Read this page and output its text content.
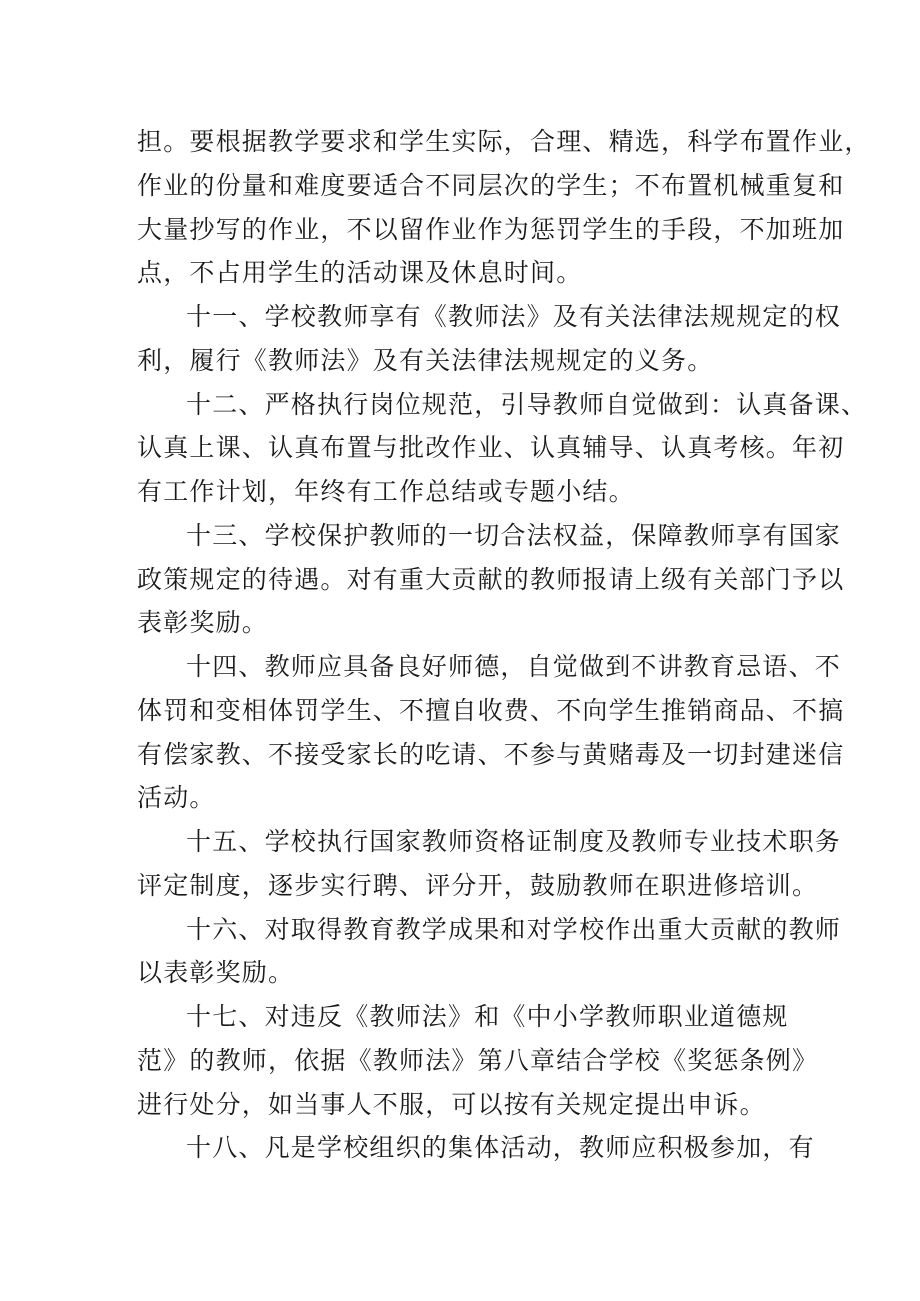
担。要根据教学要求和学生实际，合理、精选，科学布置作业，
作业的份量和难度要适合不同层次的学生；不布置机械重复和
大量抄写的作业，不以留作业作为惩罚学生的手段，不加班加
点，不占用学生的活动课及休息时间。
十一、学校教师享有《教师法》及有关法律法规规定的权
利，履行《教师法》及有关法律法规规定的义务。
十二、严格执行岗位规范，引导教师自觉做到：认真备课、
认真上课、认真布置与批改作业、认真辅导、认真考核。年初
有工作计划，年终有工作总结或专题小结。
十三、学校保护教师的一切合法权益，保障教师享有国家
政策规定的待遇。对有重大贡献的教师报请上级有关部门予以
表彰奖励。
十四、教师应具备良好师德，自觉做到不讲教育忌语、不
体罚和变相体罚学生、不擅自收费、不向学生推销商品、不搞
有偿家教、不接受家长的吃请、不参与黄赌毒及一切封建迷信
活动。
十五、学校执行国家教师资格证制度及教师专业技术职务
评定制度，逐步实行聘、评分开，鼓励教师在职进修培训。
十六、对取得教育教学成果和对学校作出重大贡献的教师
以表彰奖励。
十七、对违反《教师法》和《中小学教师职业道德规
范》的教师，依据《教师法》第八章结合学校《奖惩条例》
进行处分，如当事人不服，可以按有关规定提出申诉。
十八、凡是学校组织的集体活动，教师应积极参加，有
